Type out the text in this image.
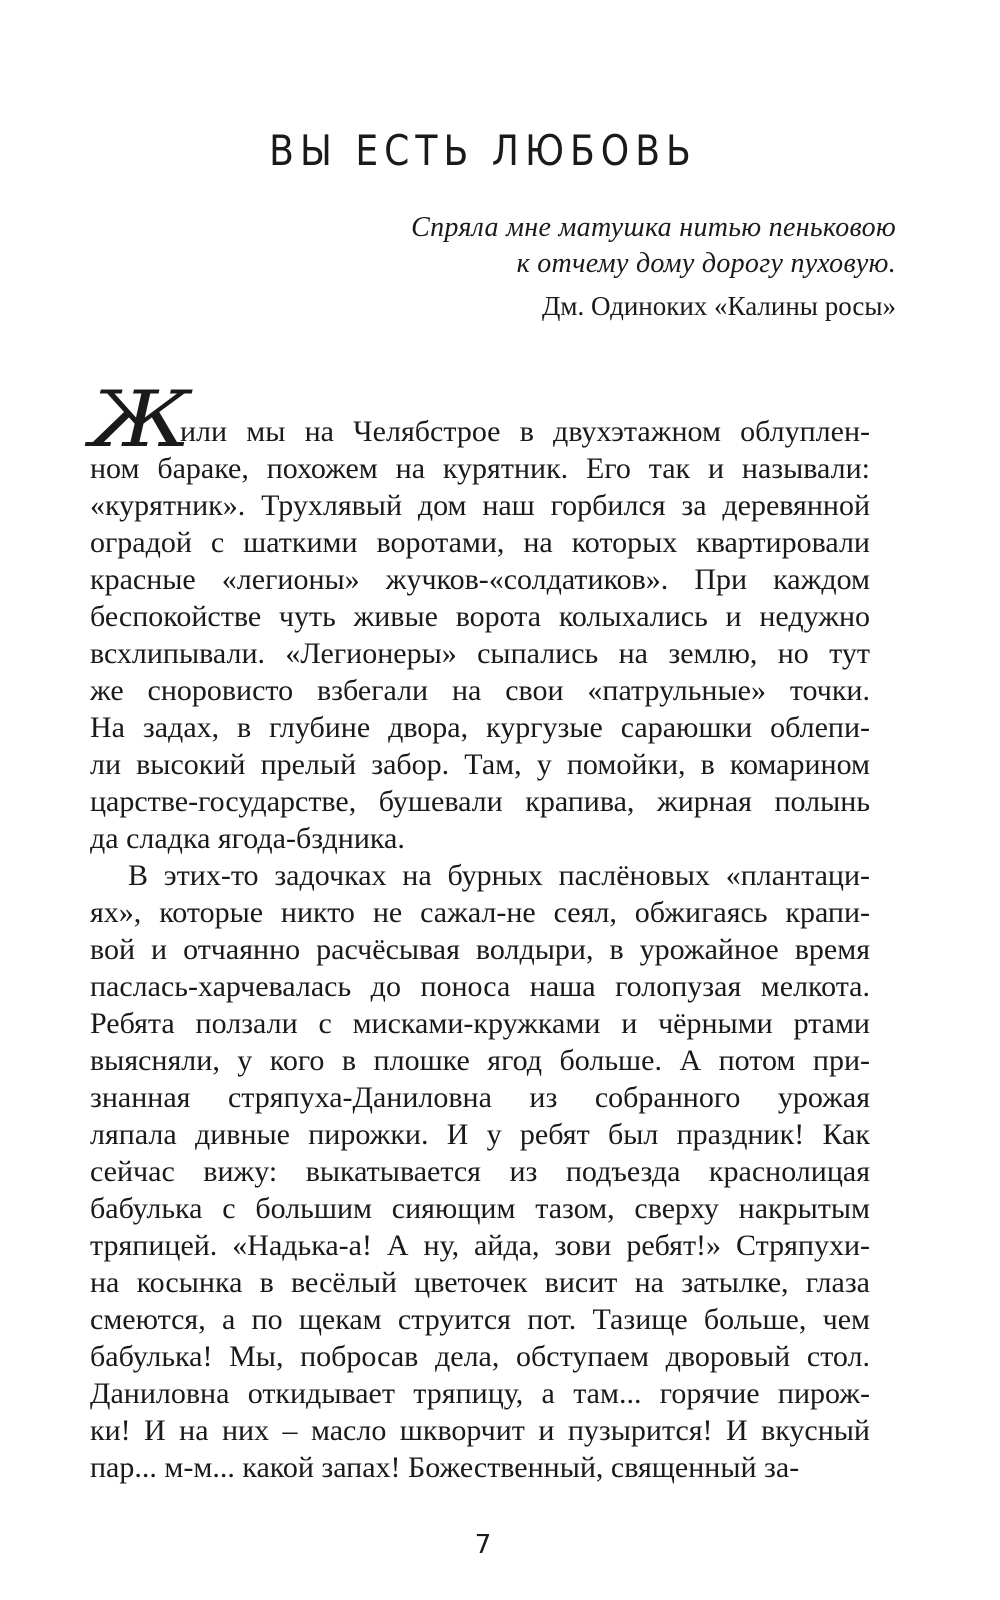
ВЫ ЕСТЬ ЛЮБОВЬ
Спряла мне матушка нитью пеньковою
к отчему дому дорогу пуховую.
Дм. Одиноких «Калины росы»
Ж
или мы на Челябстрое в двухэтажном облуплен-
ном бараке, похожем на курятник. Его так и называли:
«курятник». Трухлявый дом наш горбился за деревянной
оградой с шаткими воротами, на которых квартировали
красные «легионы» жучков-«солдатиков». При каждом
беспокойстве чуть живые ворота колыхались и недужно
всхлипывали. «Легионеры» сыпались на землю, но тут
же сноровисто взбегали на свои «патрульные» точки.
На задах, в глубине двора, кургузые сараюшки облепи-
ли высокий прелый забор. Там, у помойки, в комарином
царстве-государстве, бушевали крапива, жирная полынь
да сладка ягода-бздника.
В этих-то задочках на бурных паслёновых «плантаци-
ях», которые никто не сажал-не сеял, обжигаясь крапи-
вой и отчаянно расчёсывая волдыри, в урожайное время
паслась-харчевалась до поноса наша голопузая мелкота.
Ребята ползали с мисками-кружками и чёрными ртами
выясняли, у кого в плошке ягод больше. А потом при-
знанная стряпуха-Даниловна из собранного урожая
ляпала дивные пирожки. И у ребят был праздник! Как
сейчас вижу: выкатывается из подъезда краснолицая
бабулька с большим сияющим тазом, сверху накрытым
тряпицей. «Надька-а! А ну, айда, зови ребят!» Стряпухи-
на косынка в весёлый цветочек висит на затылке, глаза
смеются, а по щекам струится пот. Тазище больше, чем
бабулька! Мы, побросав дела, обступаем дворовый стол.
Даниловна откидывает тряпицу, а там... горячие пирож-
ки! И на них – масло шкворчит и пузырится! И вкусный
пар... м-м... какой запах! Божественный, священный за-
7
